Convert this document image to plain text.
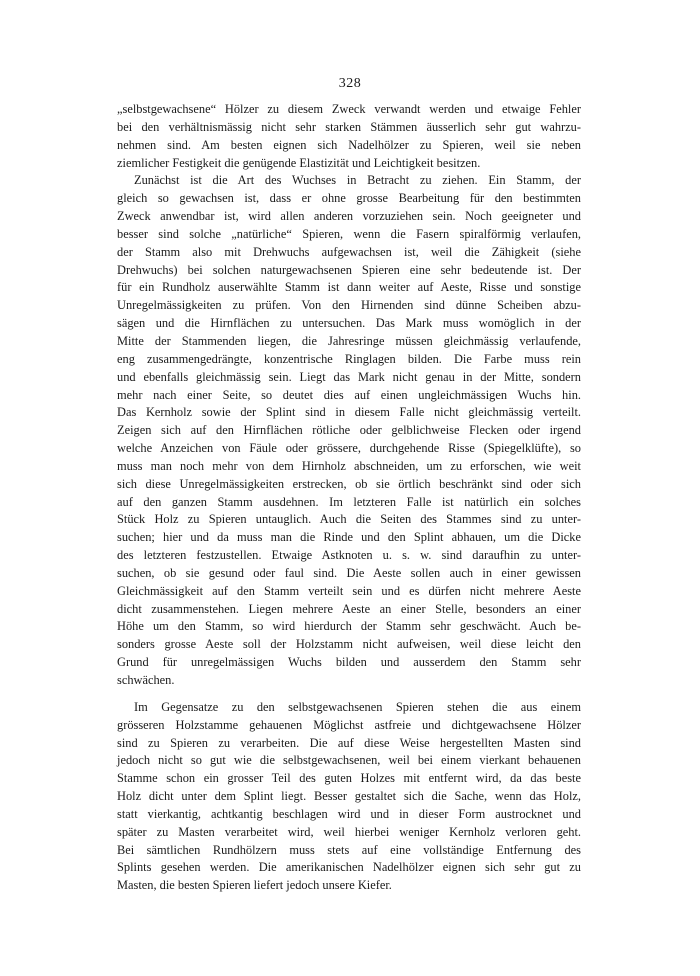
328

„selbstgewachsene“ Hölzer zu diesem Zweck verwandt werden und etwaige Fehler
bei den verhältnismässig nicht sehr starken Stämmen äusserlich sehr gut wahrzu-
nehmen sind. Am besten eignen sich Nadelhölzer zu Spieren, weil sie neben
ziemlicher Festigkeit die genügende Elastizität und Leichtigkeit besitzen.

Zunächst ist die Art des Wuchses in Betracht zu ziehen. Ein Stamm, der
gleich so gewachsen ist, dass er ohne grosse Bearbeitung für den bestimmten
Zweck anwendbar ist, wird allen anderen vorzuziehen sein. Noch geeigneter und
besser sind solche „natürliche“ Spieren, wenn die Fasern spiralförmig verlaufen,
der Stamm also mit Drehwuchs aufgewachsen ist, weil die Zähigkeit (siehe
Drehwuchs) bei solchen naturgewachsenen Spieren eine sehr bedeutende ist. Der
für ein Rundholz auserwählte Stamm ist dann weiter auf Aeste, Risse und sonstige
Unregelmässigkeiten zu prüfen. Von den Hirnenden sind dünne Scheiben abzu-
sägen und die Hirnflächen zu untersuchen. Das Mark muss womöglich in der
Mitte der Stammenden liegen, die Jahresringe müssen gleichmässig verlaufende,
eng zusammengedrängte, konzentrische Ringlagen bilden. Die Farbe muss rein
und ebenfalls gleichmässig sein. Liegt das Mark nicht genau in der Mitte, sondern
mehr nach einer Seite, so deutet dies auf einen ungleichmässigen Wuchs hin.
Das Kernholz sowie der Splint sind in diesem Falle nicht gleichmässig verteilt.
Zeigen sich auf den Hirnflächen rötliche oder gelblichweise Flecken oder irgend
welche Anzeichen von Fäule oder grössere, durchgehende Risse (Spiegelklüfte), so
muss man noch mehr von dem Hirnholz abschneiden, um zu erforschen, wie weit
sich diese Unregelmässigkeiten erstrecken, ob sie örtlich beschränkt sind oder sich
auf den ganzen Stamm ausdehnen. Im letzteren Falle ist natürlich ein solches
Stück Holz zu Spieren untauglich. Auch die Seiten des Stammes sind zu unter-
suchen; hier und da muss man die Rinde und den Splint abhauen, um die Dicke
des letzteren festzustellen. Etwaige Astknoten u. s. w. sind daraufhin zu unter-
suchen, ob sie gesund oder faul sind. Die Aeste sollen auch in einer gewissen
Gleichmässigkeit auf den Stamm verteilt sein und es dürfen nicht mehrere Aeste
dicht zusammenstehen. Liegen mehrere Aeste an einer Stelle, besonders an einer
Höhe um den Stamm, so wird hierdurch der Stamm sehr geschwächt. Auch be-
sonders grosse Aeste soll der Holzstamm nicht aufweisen, weil diese leicht den
Grund für unregelmässigen Wuchs bilden und ausserdem den Stamm sehr
schwächen.

Im Gegensatze zu den selbstgewachsenen Spieren stehen die aus einem
grösseren Holzstamme gehauenen Möglichst astfreie und dichtgewachsene Hölzer
sind zu Spieren zu verarbeiten. Die auf diese Weise hergestellten Masten sind
jedoch nicht so gut wie die selbstgewachsenen, weil bei einem vierkant behauenen
Stamme schon ein grosser Teil des guten Holzes mit entfernt wird, da das beste
Holz dicht unter dem Splint liegt. Besser gestaltet sich die Sache, wenn das Holz,
statt vierkantig, achtkantig beschlagen wird und in dieser Form austrocknet und
später zu Masten verarbeitet wird, weil hierbei weniger Kernholz verloren geht.
Bei sämtlichen Rundhölzern muss stets auf eine vollständige Entfernung des
Splints gesehen werden. Die amerikanischen Nadelhölzer eignen sich sehr gut zu
Masten, die besten Spieren liefert jedoch unsere Kiefer.
